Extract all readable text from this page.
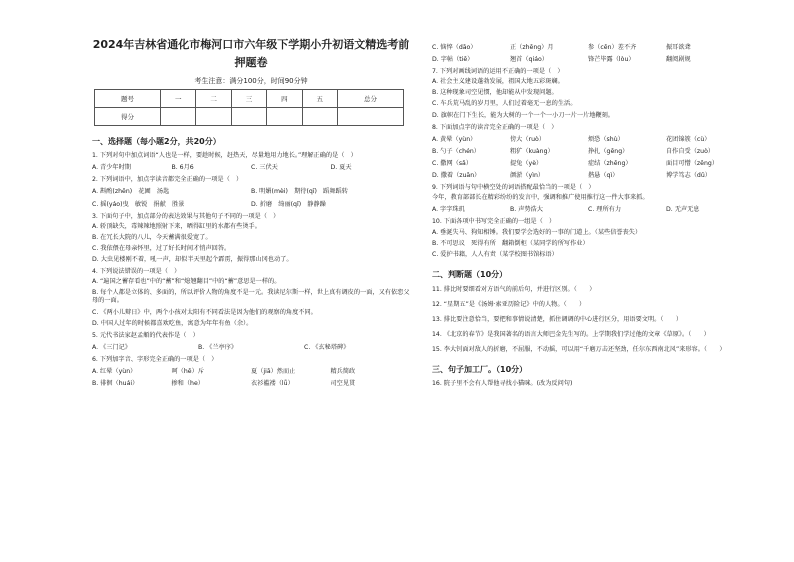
2024年吉林省通化市梅河口市六年级下学期小升初语文精选考前押题卷
考生注意：满分100分，时间90分钟
题号	一	二	三	四	五	总分
得分						
一、选择题（每小题2分，共20分）
1. 下列对句中加点词语“人也是一样，要趁时候，赶热天，尽量地用力地长。”理解正确的是（　）
A. 青少年时期	B. 6月6	C. 三伏天	D. 夏天
2. 下列词语中，加点字读音都完全正确的一项是（　）
A. 斟酌(zhēn)　花圃　汤匙	B. 明媚(mèi)　期待(qī)　蹈舞蹈转
C. 摇(yáo)曳　敏锐　捐献　胜景	D. 折磨　绮丽(qǐ)　静静躁
3. 下面句子中，加点部分的表达效果与其他句子不同的一项是（　）
A. 轿顶缺失，毒辣辣地照射下来，晒得缸里的水都有些烫手。
B. 在冗长大院的八儿，今天蓄满很爱宽了。
C. 我依偎在母亲怀里，过了好长时间才悄声回答。
D. 大虫见楼刚不着，吼一声，却似半天里起个霹雳，振得那山冈也动了。
4. 下列说法错误的一项是（　）
A. “遍国之蓄存看也”中的“蓄”和“熄翘翻目”中的“蓄”意思是一样的。
B. 每个人都是立体的、多面的，所以评价人物的角度不是一元。我读尼尔斯一样，世上真有调皮的一面，又有依恋父母的一面。
C. 《两小儿辩日》中，两个小孩对太阳有不同看法是因为他们的观察的角度不同。
D. 中国人过年的时候都喜欢吃鱼，寓意为年年有鱼（余）。
5. 元代书法家赵孟頫的代表作是（　）
A. 《三门记》	B. 《兰亭序》	C. 《玄秘塔碑》
6. 下列加字音、字形完全正确的一项是（　）
A. 红晕（yùn）	呵（hē）斥	夏（jiā）然而止	精兵简政
B. 徘徊（huái）	掺和（he）	衣衫褴褛（lǚ）	司空见贯
C. 恼悴（dāo）	正（zhēng）月	参（cēn）差不齐	振耳欲聋
D. 字帖（tiē）	翘首（qiáo）	锋芒毕露（lòu）	翻阅剧规
7. 下列对画线词语的运用不正确的一项是（　）
A. 社会主义建设蓬勃发展，祖国大地五彩斑斓。
B. 这种现象司空见惯，他却能从中发现问题。
C. 车兵荒马乱的岁月里，人们过着毫无一息的生活。
D. 旗帜在门下生长，能为大树的一个一个一小刀一片一片地鞭刻。
8. 下面加点字的读音完全正确的一项是（　）
A. 黄晕（yùn）	傍大（ruò）	烦恐（shù）	花团锦簇（cù）
B. 勺子（chén）	粗犷（kuàng）	挣扎（gēng）	自作自受（zuò）
C. 撒网（sǎ）	提兔（yè）	症结（zhēng）	面目可憎（zēng）
D. 撒着（zuān）	颜淤（yìn）	揩悬（qì）	博学笃志（dǔ）
9. 下列词语与句中横空处的词语搭配最恰当的一项是（　）
今年，教育部部长在精彩纷纷的发言中，强调和推广使用推行这一件大事来抓。
A. 字字珠玑	B. 声势浩大	C. 理所有力	D. 无声无息
10. 下面各项中书写完全正确的一组是（　）
A. 垂涎失马、狗知相锤。我们要学会选好的一事的门道上。（某些信誉丧失）
B. 不可思议　死得有所　翻箱倒柜（某同学的所写作业）
C. 爱护书籍，人人有责（某学校图书馆标语）
二、判断题（10分）
11. 排比时要细看对方语气的前后句，并进行区别。（　　）
12. “星期五”是《汤姆·索亚历险记》中的人物。（　　）
13. 排比要注意恰当，要把和事情说清楚，抓住调调的中心进行区分，用语要文明。（　　）
14. 《北京的春节》是我国著名的语言大师巴金先生写的。上学期我们学过他的文章《草原》。（　　）
15. 李大钊面对敌人的折磨，不屈服，不动摇，可以用“千磨万击还坚劲，任尔东西南北风”来形容。（　　）
三、句子加工厂。（10分）
16. 院子里不会有人帮他寻找小猫咪。(改为反问句)
